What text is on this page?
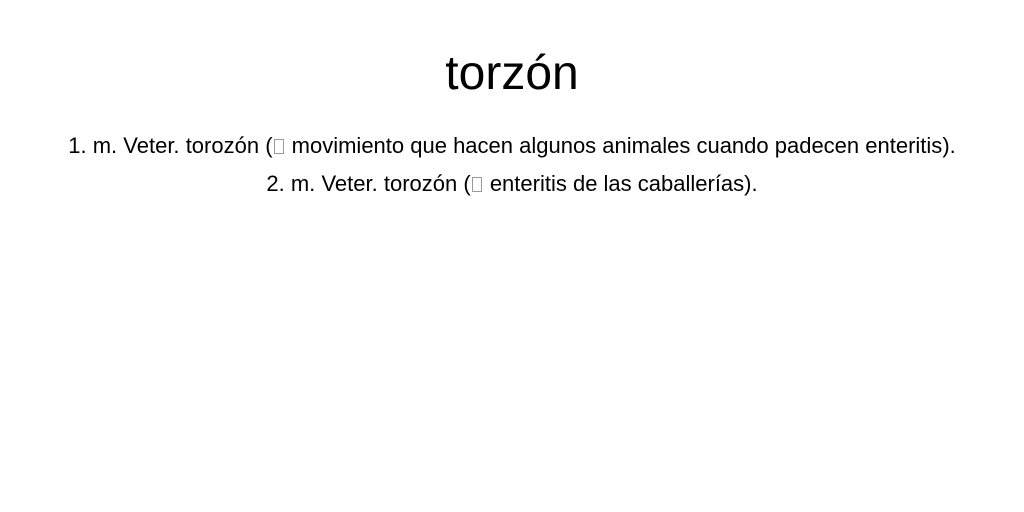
torzón
1. m. Veter. torozón ( movimiento que hacen algunos animales cuando padecen enteritis).
2. m. Veter. torozón ( enteritis de las caballerías).
